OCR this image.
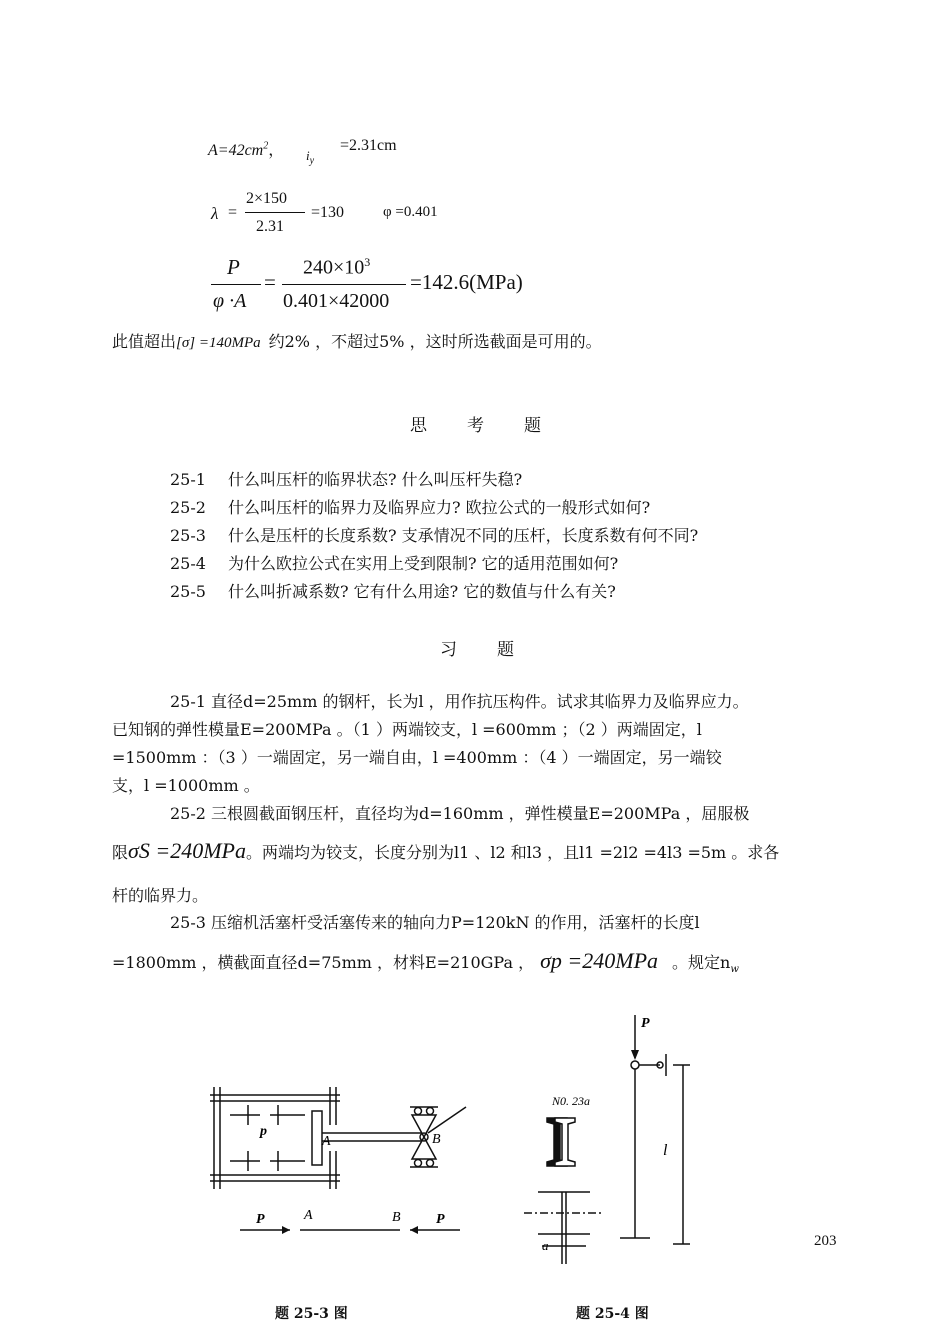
$A=42cm^2$， $i_y$
=2.31cm
λ =
2×150
2.31
=130	φ =0.401
P
φ ·A
=
$240\times 10^3$
0.401×42000
=142.6(MPa)
此值超出[σ] =140MPa 约2% ，不超过5% ，这时所选截面是可用的。
思考题
25-1 什么叫压杆的临界状态? 什么叫压杆失稳?
25-2 什么叫压杆的临界力及临界应力? 欧拉公式的一般形式如何?
25-3 什么是压杆的长度系数? 支承情况不同的压杆，长度系数有何不同?
25-4 为什么欧拉公式在实用上受到限制? 它的适用范围如何?
25-5 什么叫折减系数? 它有什么用途? 它的数值与什么有关?
习题
25-1 直径d=25mm 的钢杆，长为l ，用作抗压构件。试求其临界力及临界应力。
已知钢的弹性模量E=200MPa 。（1 ）两端铰支，l =600mm ；（2 ）两端固定，l
=1500mm ：（3 ）一端固定，另一端自由，l =400mm ：（4 ）一端固定，另一端铰
支，l =1000mm 。
25-2 三根圆截面钢压杆，直径均为d=160mm ，弹性模量E=200MPa ，屈服极
限σS =240MPa。两端均为铰支，长度分别为l1 、l2 和l3 ，且l1 =2l2 =4l3 =5m 。求各
杆的临界力。
25-3 压缩机活塞杆受活塞传来的轴向力P=120kN 的作用，活塞杆的长度l
=1800mm ，横截面直径d=75mm ，材料E=210GPa ， σp =240MPa 。规定$n_w$
p
A	B
P	A	B	P
题 25-3 图
N0. 23a
a
P
l
题 25-4 图
203
